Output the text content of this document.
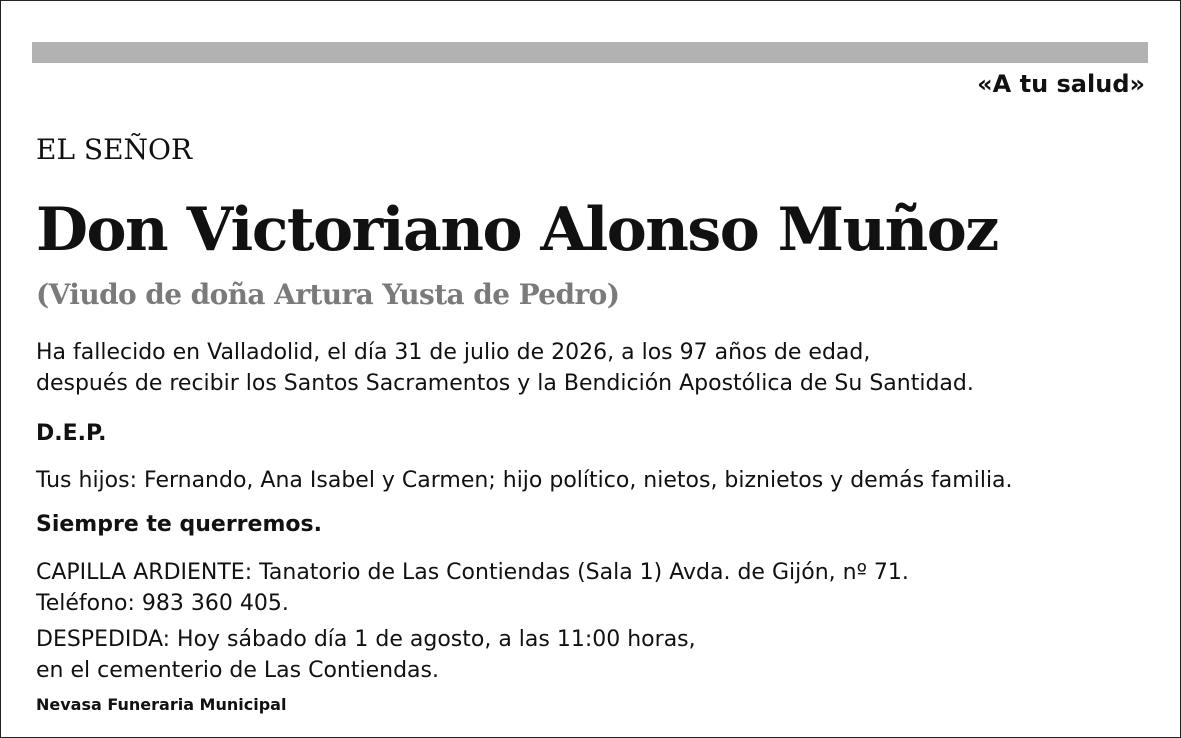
«A tu salud»
EL SEÑOR
Don Victoriano Alonso Muñoz
(Viudo de doña Artura Yusta de Pedro)
Ha fallecido en Valladolid, el día 31 de julio de 2026, a los 97 años de edad,
después de recibir los Santos Sacramentos y la Bendición Apostólica de Su Santidad.
D.E.P.
Tus hijos: Fernando, Ana Isabel y Carmen; hijo político, nietos, biznietos y demás familia.
Siempre te querremos.
CAPILLA ARDIENTE: Tanatorio de Las Contiendas (Sala 1) Avda. de Gijón, nº 71.
Teléfono: 983 360 405.
DESPEDIDA: Hoy sábado día 1 de agosto, a las 11:00 horas,
en el cementerio de Las Contiendas.
Nevasa Funeraria Municipal
